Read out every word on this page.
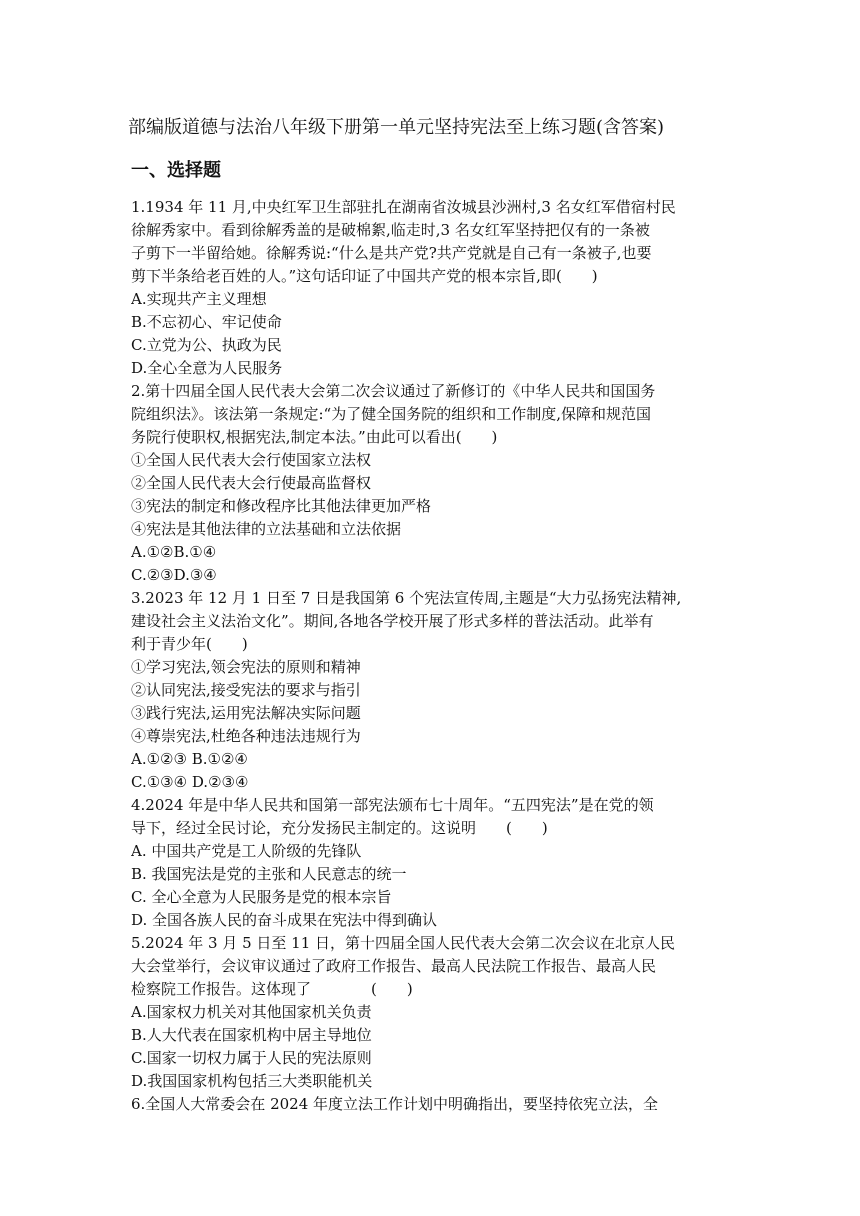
部编版道德与法治八年级下册第一单元坚持宪法至上练习题(含答案)
一、选择题
1.1934 年 11 月,中央红军卫生部驻扎在湖南省汝城县沙洲村,3 名女红军借宿村民
徐解秀家中。看到徐解秀盖的是破棉絮,临走时,3 名女红军坚持把仅有的一条被
子剪下一半留给她。徐解秀说:“什么是共产党?共产党就是自己有一条被子,也要
剪下半条给老百姓的人。”这句话印证了中国共产党的根本宗旨,即(　　)
A.实现共产主义理想
B.不忘初心、牢记使命
C.立党为公、执政为民
D.全心全意为人民服务
2.第十四届全国人民代表大会第二次会议通过了新修订的《中华人民共和国国务
院组织法》。该法第一条规定:“为了健全国务院的组织和工作制度,保障和规范国
务院行使职权,根据宪法,制定本法。”由此可以看出(　　)
①全国人民代表大会行使国家立法权
②全国人民代表大会行使最高监督权
③宪法的制定和修改程序比其他法律更加严格
④宪法是其他法律的立法基础和立法依据
A.①②B.①④
C.②③D.③④
3.2023 年 12 月 1 日至 7 日是我国第 6 个宪法宣传周,主题是“大力弘扬宪法精神,
建设社会主义法治文化”。期间,各地各学校开展了形式多样的普法活动。此举有
利于青少年(　　)
①学习宪法,领会宪法的原则和精神
②认同宪法,接受宪法的要求与指引
③践行宪法,运用宪法解决实际问题
④尊崇宪法,杜绝各种违法违规行为
A.①②③ B.①②④
C.①③④ D.②③④
4.2024 年是中华人民共和国第一部宪法颁布七十周年。“五四宪法”是在党的领
导下，经过全民讨论，充分发扬民主制定的。这说明　　(　　)
A. 中国共产党是工人阶级的先锋队
B. 我国宪法是党的主张和人民意志的统一
C. 全心全意为人民服务是党的根本宗旨
D. 全国各族人民的奋斗成果在宪法中得到确认
5.2024 年 3 月 5 日至 11 日，第十四届全国人民代表大会第二次会议在北京人民
大会堂举行，会议审议通过了政府工作报告、最高人民法院工作报告、最高人民
检察院工作报告。这体现了　　　　(　　)
A.国家权力机关对其他国家机关负责
B.人大代表在国家机构中居主导地位
C.国家一切权力属于人民的宪法原则
D.我国国家机构包括三大类职能机关
6.全国人大常委会在 2024 年度立法工作计划中明确指出，要坚持依宪立法，全
